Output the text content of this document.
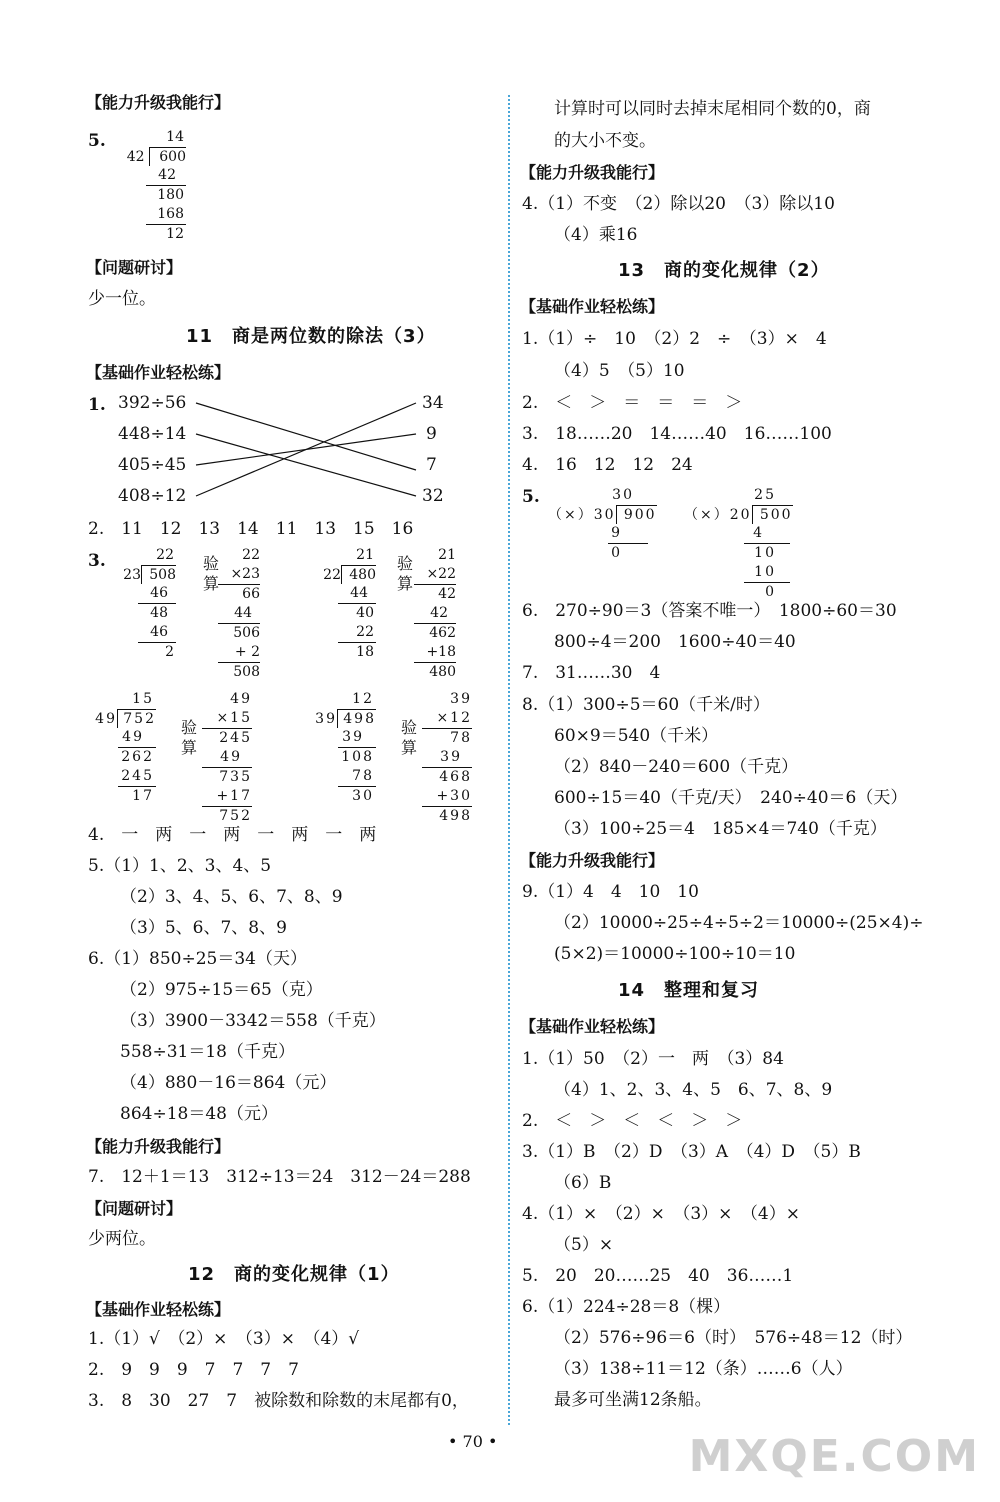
【能力升级我能行】
5.	14
42 600
42
180
168
12
【问题研讨】
少一位。
11　商是两位数的除法（3）
【基础作业轻松练】
1. 392÷56
448÷14
405÷45
408÷12
34
9
7
32
2.　11　12　13　14　11　13　15　16
3.	22
23 508
46
48
46
2
验
算
22
×23
66
44
506
+ 2
508
21
22 480
44
40
22
18
验
算
21
×22
42
42
462
+18
480
15
49 752
49
262
245
17
验
算
49
×15
245
49
735
+17
752
12
39 498
39
108
78
30
验
算
39
×12
78
39
468
+30
498
4.　一　两　一　两　一　两　一　两
5.（1）1、2、3、4、5
（2）3、4、5、6、7、8、9
（3）5、6、7、8、9
6.（1）850÷25＝34（天）
（2）975÷15＝65（克）
（3）3900－3342＝558（千克）
558÷31＝18（千克）
（4）880－16＝864（元）
864÷18＝48（元）
【能力升级我能行】
7.　12＋1＝13　312÷13＝24　312－24＝288
【问题研讨】
少两位。
12　商的变化规律（1）
【基础作业轻松练】
1.（1）√　（2）×　（3）×　（4）√
2.　9　9　9　7　7　7　7
3.　8　30　27　7　被除数和除数的末尾都有0，
计算时可以同时去掉末尾相同个数的0，商
的大小不变。
【能力升级我能行】
4.（1）不变　（2）除以20　（3）除以10
（4）乘16
13　商的变化规律（2）
【基础作业轻松练】
1.（1）÷　10　（2）2　÷　（3）×　4
（4）5　（5）10
2.　＜　＞　＝　＝　＝　＞
3.　18……20　14……40　16……100
4.　16　12　12　24
5.	30
（×）30 900
9
0
25
（×）20 500
4
10
10
0
6.　270÷90＝3（答案不唯一）　1800÷60＝30
800÷4＝200　1600÷40＝40
7.　31……30　4
8.（1）300÷5＝60（千米/时）
60×9＝540（千米）
（2）840－240＝600（千克）
600÷15＝40（千克/天）　240÷40＝6（天）
（3）100÷25＝4　185×4＝740（千克）
【能力升级我能行】
9.（1）4　4　10　10
（2）10000÷25÷4÷5÷2＝10000÷(25×4)÷
(5×2)＝10000÷100÷10＝10
14　整理和复习
【基础作业轻松练】
1.（1）50　（2）一　两　（3）84
（4）1、2、3、4、5　6、7、8、9
2.　＜　＞　＜　＜　＞　＞
3.（1）B　（2）D　（3）A　（4）D　（5）B
（6）B
4.（1）×　（2）×　（3）×　（4）×
（5）×
5.　20　20……25　40　36……1
6.（1）224÷28＝8（棵）
（2）576÷96＝6（时）　576÷48＝12（时）
（3）138÷11＝12（条）……6（人）
最多可坐满12条船。
• 70 •	MXQE.COM
